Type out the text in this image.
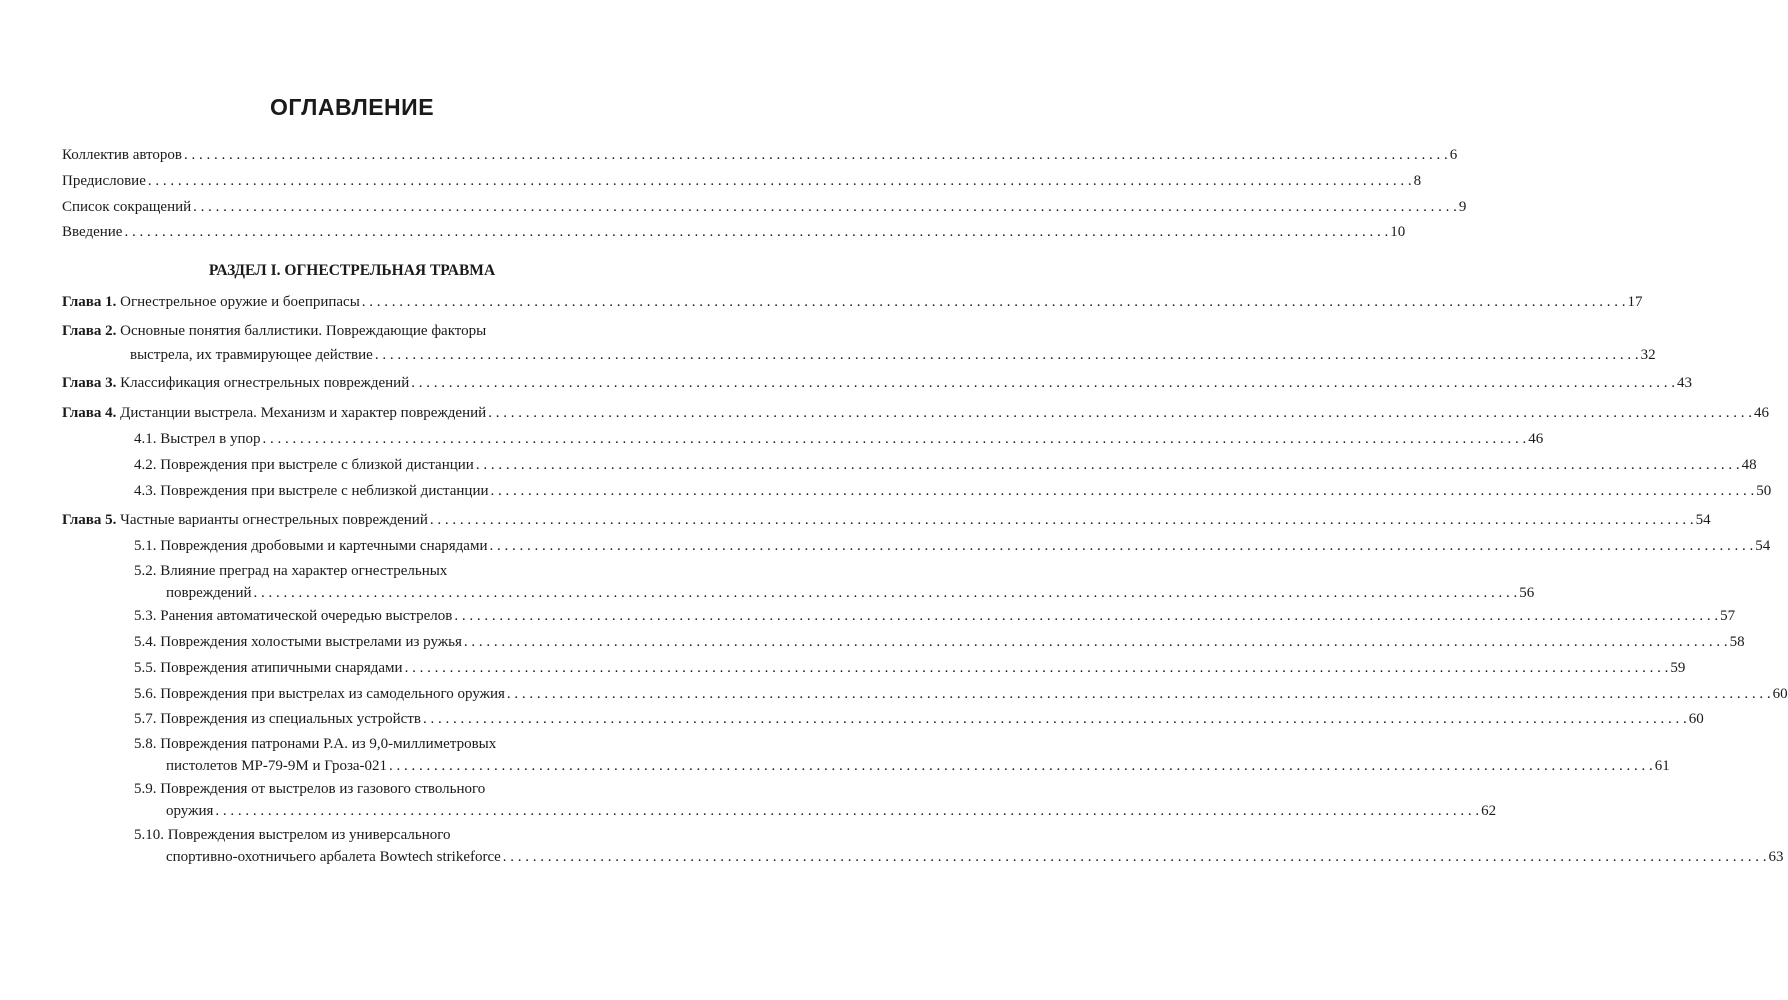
ОГЛАВЛЕНИЕ
Коллектив авторов . . .	6
Предисловие . . .	8
Список сокращений . . .	9
Введение . . .	10
РАЗДЕЛ I. ОГНЕСТРЕЛЬНАЯ ТРАВМА
Глава 1. Огнестрельное оружие и боеприпасы . . .	17
Глава 2. Основные понятия баллистики. Повреждающие факторы
выстрела, их травмирующее действие . . .	32
Глава 3. Классификация огнестрельных повреждений . . .	43
Глава 4. Дистанции выстрела. Механизм и характер повреждений . . .	46
4.1. Выстрел в упор . . .	46
4.2. Повреждения при выстреле с близкой дистанции . . .	48
4.3. Повреждения при выстреле с неблизкой дистанции . . .	50
Глава 5. Частные варианты огнестрельных повреждений . . .	54
5.1. Повреждения дробовыми и картечными снарядами . . .	54
5.2. Влияние преград на характер огнестрельных
повреждений . . .	56
5.3. Ранения автоматической очередью выстрелов . . .	57
5.4. Повреждения холостыми выстрелами из ружья . . .	58
5.5. Повреждения атипичными снарядами . . .	59
5.6. Повреждения при выстрелах из самодельного оружия . . .	60
5.7. Повреждения из специальных устройств . . .	60
5.8. Повреждения патронами Р.А. из 9,0-миллиметровых
пистолетов МР-79-9М и Гроза-021 . . .	61
5.9. Повреждения от выстрелов из газового ствольного
оружия . . .	62
5.10. Повреждения выстрелом из универсального
спортивно-охотничьего арбалета Bowtech strikeforce . . .	63
